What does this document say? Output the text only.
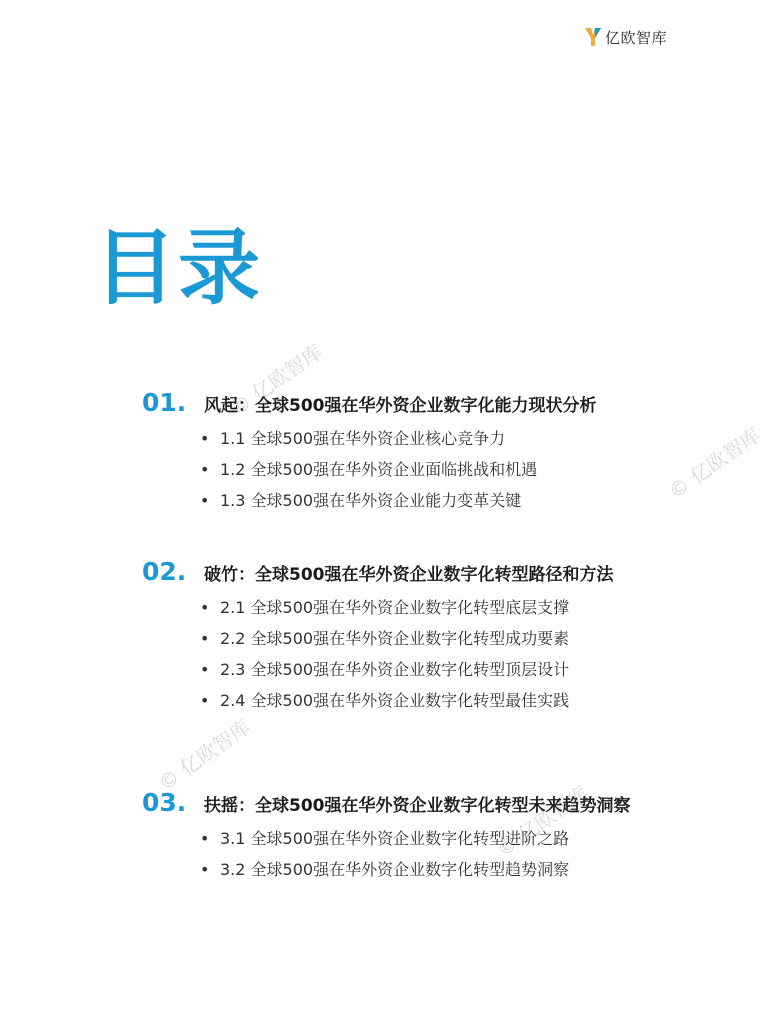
亿欧智库
© 亿欧智库
© 亿欧智库
© 亿欧智库
© 亿欧智库
目录
01.	风起：全球500强在华外资企业数字化能力现状分析
• 1.1 全球500强在华外资企业核心竞争力
• 1.2 全球500强在华外资企业面临挑战和机遇
• 1.3 全球500强在华外资企业能力变革关键
02.	破竹：全球500强在华外资企业数字化转型路径和方法
• 2.1 全球500强在华外资企业数字化转型底层支撑
• 2.2 全球500强在华外资企业数字化转型成功要素
• 2.3 全球500强在华外资企业数字化转型顶层设计
• 2.4 全球500强在华外资企业数字化转型最佳实践
03.	扶摇：全球500强在华外资企业数字化转型未来趋势洞察
• 3.1 全球500强在华外资企业数字化转型进阶之路
• 3.2 全球500强在华外资企业数字化转型趋势洞察
